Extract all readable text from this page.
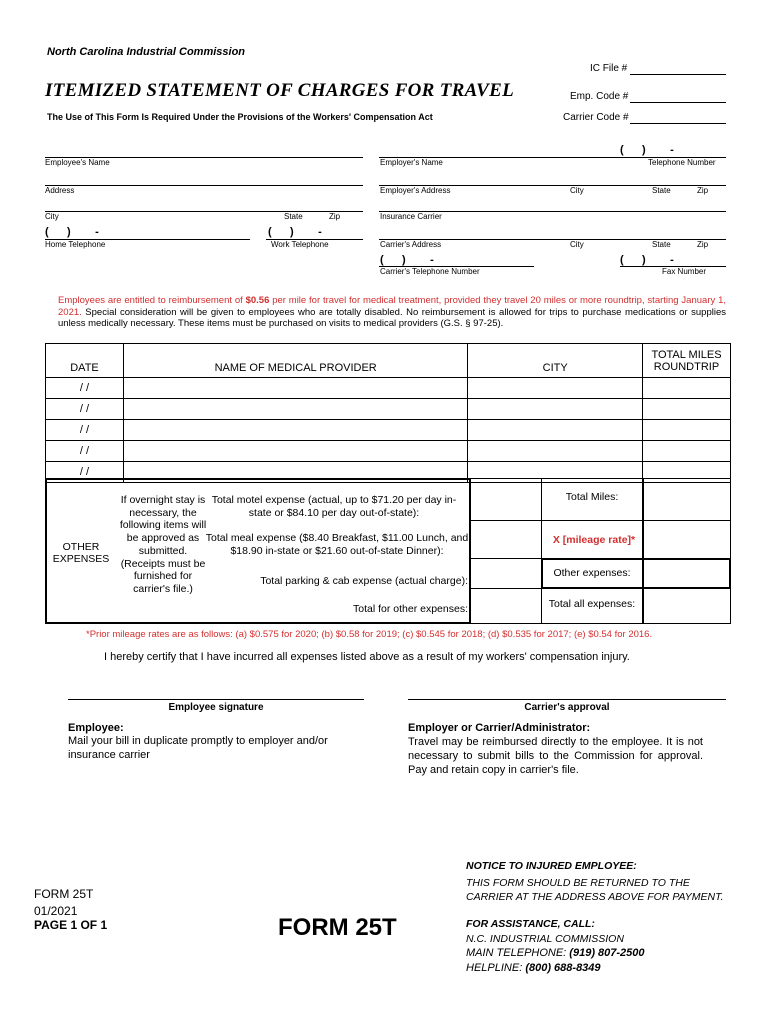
North Carolina Industrial Commission
IC File #
ITEMIZED STATEMENT OF CHARGES FOR TRAVEL	Emp. Code #
The Use of This Form Is Required Under the Provisions of the Workers' Compensation Act	Carrier Code #
Employee's Name
Address
City	State	Zip
(      )        -	(      )        -
Home Telephone	Work Telephone
(      )        -
Employer's Name	Telephone Number
Employer's Address	City	State	Zip
Insurance Carrier
Carrier's Address	City	State	Zip
(      )        -	(      )        -
Carrier's Telephone Number	Fax Number
Employees are entitled to reimbursement of $0.56 per mile for travel for medical treatment, provided they travel 20 miles or more roundtrip, starting January 1, 2021. Special consideration will be given to employees who are totally disabled. No reimbursement is allowed for trips to purchase medications or supplies unless medically necessary. These items must be purchased on visits to medical providers (G.S. § 97-25).
DATE	NAME OF MEDICAL PROVIDER	CITY	TOTAL MILES ROUNDTRIP
/ /			
/ /			
/ /			
/ /			
/ /			
OTHER EXPENSES
If overnight stay is necessary, the following items will be approved as submitted. (Receipts must be furnished for carrier's file.)
Total motel expense (actual, up to $71.20 per day in-state or $84.10 per day out-of-state):
Total meal expense ($8.40 Breakfast, $11.00 Lunch, and $18.90 in-state or $21.60 out-of-state Dinner):
Total parking & cab expense (actual charge):
Total for other expenses:
Total Miles:
X [mileage rate]*
Other expenses:
Total all expenses:
*Prior mileage rates are as follows: (a) $0.575 for 2020; (b) $0.58 for 2019; (c) $0.545 for 2018; (d) $0.535 for 2017; (e) $0.54 for 2016.
I hereby certify that I have incurred all expenses listed above as a result of my workers' compensation injury.
Employee signature	Carrier's approval
Employee:
Mail your bill in duplicate promptly to employer and/or insurance carrier
Employer or Carrier/Administrator:
Travel may be reimbursed directly to the employee. It is not necessary to submit bills to the Commission for approval. Pay and retain copy in carrier's file.
FORM 25T
01/2021
PAGE 1 OF 1	FORM 25T
NOTICE TO INJURED EMPLOYEE:
THIS FORM SHOULD BE RETURNED TO THE CARRIER AT THE ADDRESS ABOVE FOR PAYMENT.
FOR ASSISTANCE, CALL:
N.C. INDUSTRIAL COMMISSION
MAIN TELEPHONE: (919) 807-2500
HELPLINE: (800) 688-8349
